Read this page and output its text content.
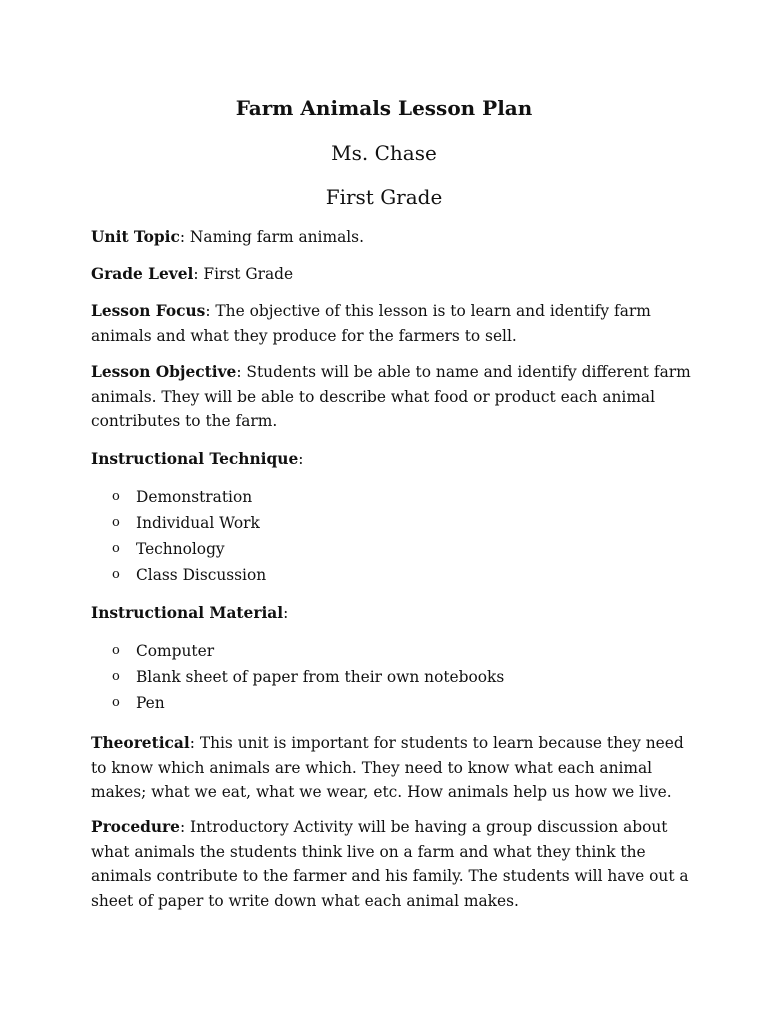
Farm Animals Lesson Plan
Ms. Chase
First Grade

Unit Topic: Naming farm animals.

Grade Level: First Grade

Lesson Focus: The objective of this lesson is to learn and identify farm animals and what they produce for the farmers to sell.

Lesson Objective: Students will be able to name and identify different farm animals. They will be able to describe what food or product each animal contributes to the farm.

Instructional Technique:

o Demonstration
o Individual Work
o Technology
o Class Discussion

Instructional Material:

o Computer
o Blank sheet of paper from their own notebooks
o Pen

Theoretical: This unit is important for students to learn because they need to know which animals are which. They need to know what each animal makes; what we eat, what we wear, etc. How animals help us how we live.

Procedure: Introductory Activity will be having a group discussion about what animals the students think live on a farm and what they think the animals contribute to the farmer and his family. The students will have out a sheet of paper to write down what each animal makes.
